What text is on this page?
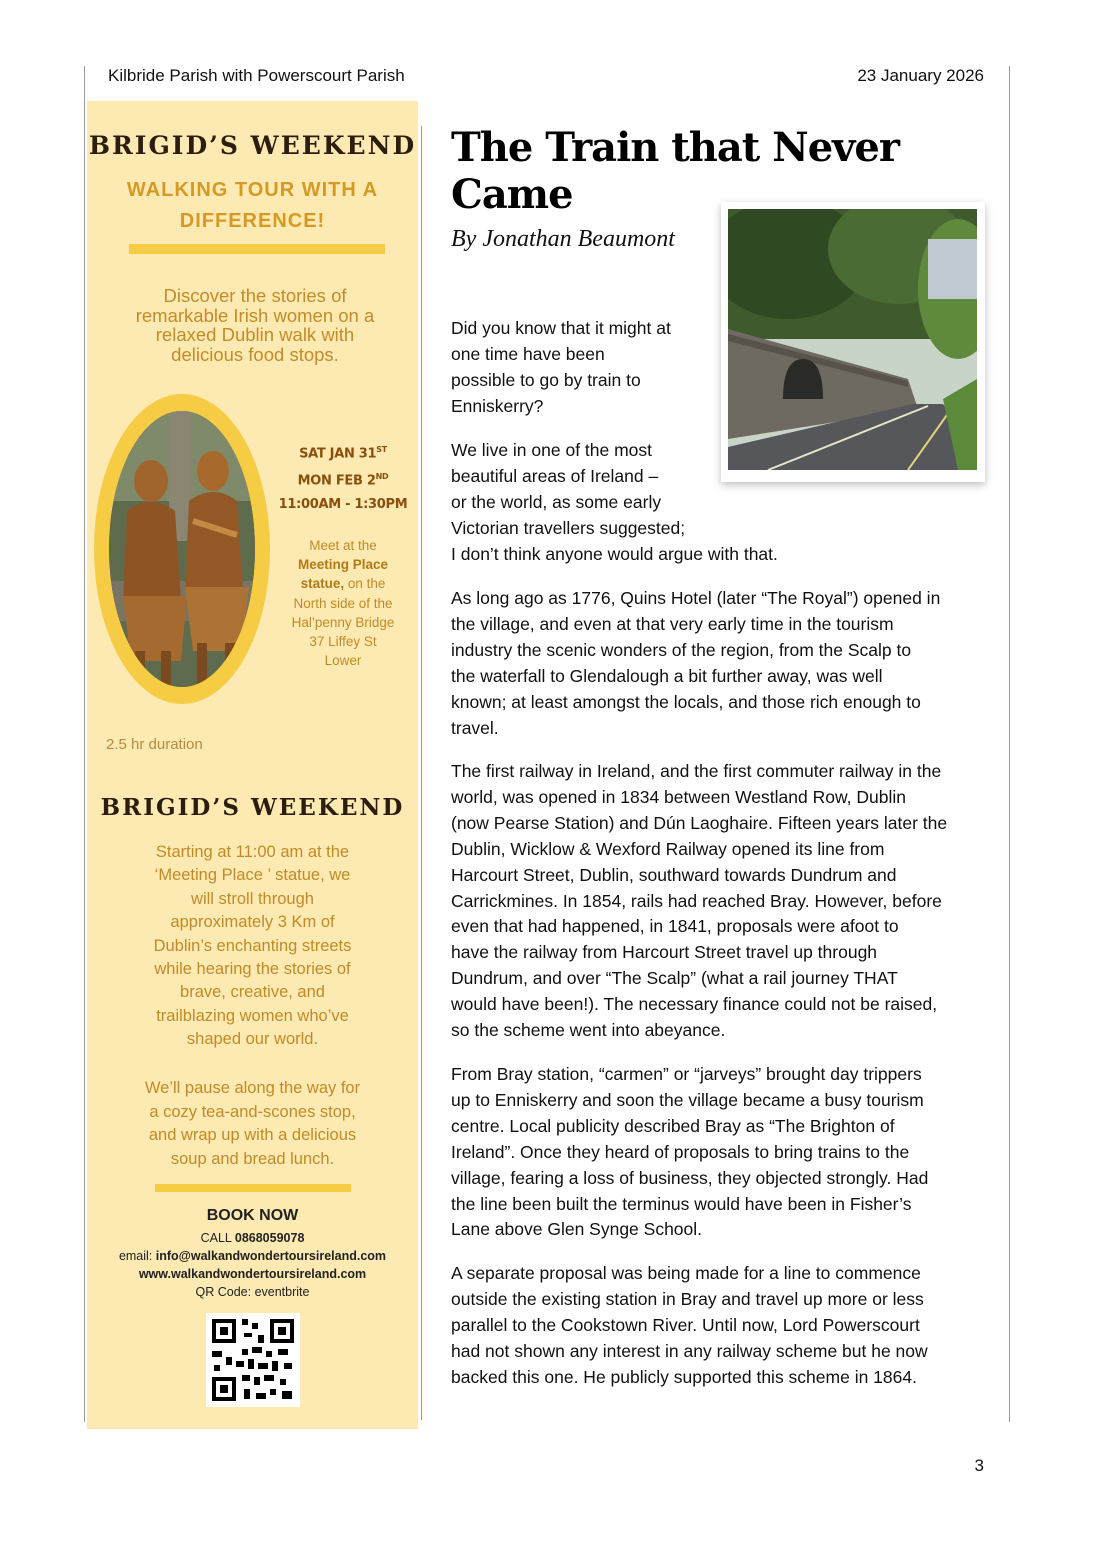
Kilbride Parish with Powerscourt Parish	23 January 2026
BRIGID’S WEEKEND
WALKING TOUR WITH A
DIFFERENCE!
Discover the stories of
remarkable Irish women on a
relaxed Dublin walk with
delicious food stops.
SAT JAN 31ST
MON FEB 2ND
11:00AM - 1:30PM
Meet at the
Meeting Place
statue, on the
North side of the
Hal’penny Bridge
37 Liffey St
Lower
2.5 hr duration
BRIGID’S WEEKEND
Starting at 11:00 am at the
‘Meeting Place ’ statue, we
will stroll through
approximately 3 Km of
Dublin’s enchanting streets
while hearing the stories of
brave, creative, and
trailblazing women who’ve
shaped our world.
We’ll pause along the way for
a cozy tea-and-scones stop,
and wrap up with a delicious
soup and bread lunch.
BOOK NOW
CALL 0868059078
email: info@walkandwondertoursireland.com
www.walkandwondertoursireland.com
QR Code: eventbrite
The Train that Never
Came
By Jonathan Beaumont
Did you know that it might at
one time have been
possible to go by train to
Enniskerry?
We live in one of the most
beautiful areas of Ireland –
or the world, as some early
Victorian travellers suggested;
I don’t think anyone would argue with that.
As long ago as 1776, Quins Hotel (later “The Royal”) opened in
the village, and even at that very early time in the tourism
industry the scenic wonders of the region, from the Scalp to
the waterfall to Glendalough a bit further away, was well
known; at least amongst the locals, and those rich enough to
travel.
The first railway in Ireland, and the first commuter railway in the
world, was opened in 1834 between Westland Row, Dublin
(now Pearse Station) and Dún Laoghaire. Fifteen years later the
Dublin, Wicklow & Wexford Railway opened its line from
Harcourt Street, Dublin, southward towards Dundrum and
Carrickmines. In 1854, rails had reached Bray. However, before
even that had happened, in 1841, proposals were afoot to
have the railway from Harcourt Street travel up through
Dundrum, and over “The Scalp” (what a rail journey THAT
would have been!). The necessary finance could not be raised,
so the scheme went into abeyance.
From Bray station, “carmen” or “jarveys” brought day trippers
up to Enniskerry and soon the village became a busy tourism
centre. Local publicity described Bray as “The Brighton of
Ireland”. Once they heard of proposals to bring trains to the
village, fearing a loss of business, they objected strongly. Had
the line been built the terminus would have been in Fisher’s
Lane above Glen Synge School.
A separate proposal was being made for a line to commence
outside the existing station in Bray and travel up more or less
parallel to the Cookstown River. Until now, Lord Powerscourt
had not shown any interest in any railway scheme but he now
backed this one. He publicly supported this scheme in 1864.
3
